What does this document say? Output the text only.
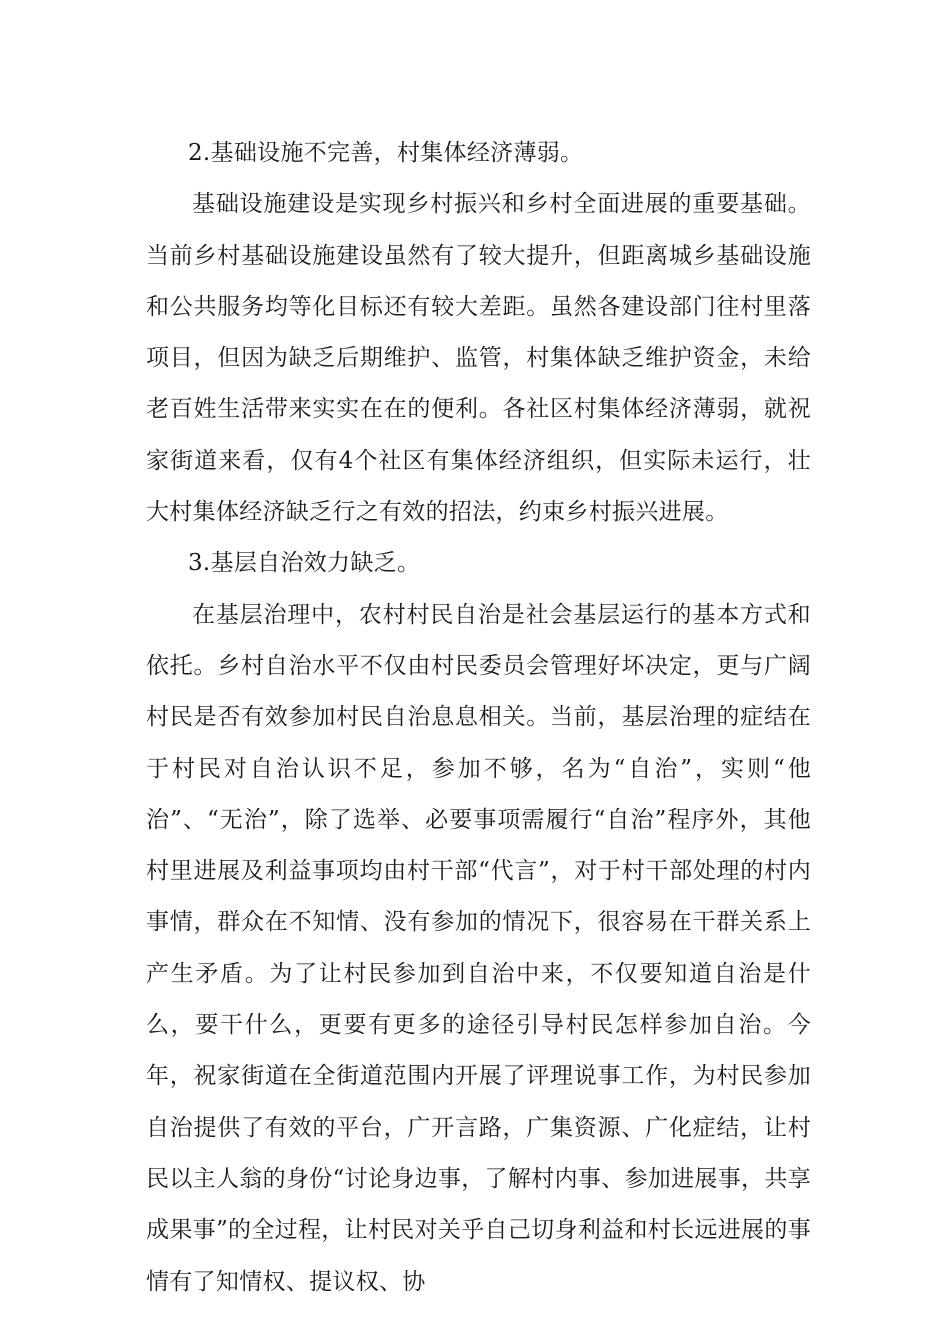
2.基础设施不完善，村集体经济薄弱。

基础设施建设是实现乡村振兴和乡村全面进展的重要基础。当前乡村基础设施建设虽然有了较大提升，但距离城乡基础设施和公共服务均等化目标还有较大差距。虽然各建设部门往村里落项目，但因为缺乏后期维护、监管，村集体缺乏维护资金，未给老百姓生活带来实实在在的便利。各社区村集体经济薄弱，就祝家街道来看，仅有4个社区有集体经济组织，但实际未运行，壮大村集体经济缺乏行之有效的招法，约束乡村振兴进展。

3.基层自治效力缺乏。

在基层治理中，农村村民自治是社会基层运行的基本方式和依托。乡村自治水平不仅由村民委员会管理好坏决定，更与广阔村民是否有效参加村民自治息息相关。当前，基层治理的症结在于村民对自治认识不足，参加不够，名为“自治”，实则“他治”、“无治”，除了选举、必要事项需履行“自治”程序外，其他村里进展及利益事项均由村干部“代言”，对于村干部处理的村内事情，群众在不知情、没有参加的情况下，很容易在干群关系上产生矛盾。为了让村民参加到自治中来，不仅要知道自治是什么，要干什么，更要有更多的途径引导村民怎样参加自治。今年，祝家街道在全街道范围内开展了评理说事工作，为村民参加自治提供了有效的平台，广开言路，广集资源、广化症结，让村民以主人翁的身份“讨论身边事，了解村内事、参加进展事，共享成果事”的全过程，让村民对关乎自己切身利益和村长远进展的事情有了知情权、提议权、协
